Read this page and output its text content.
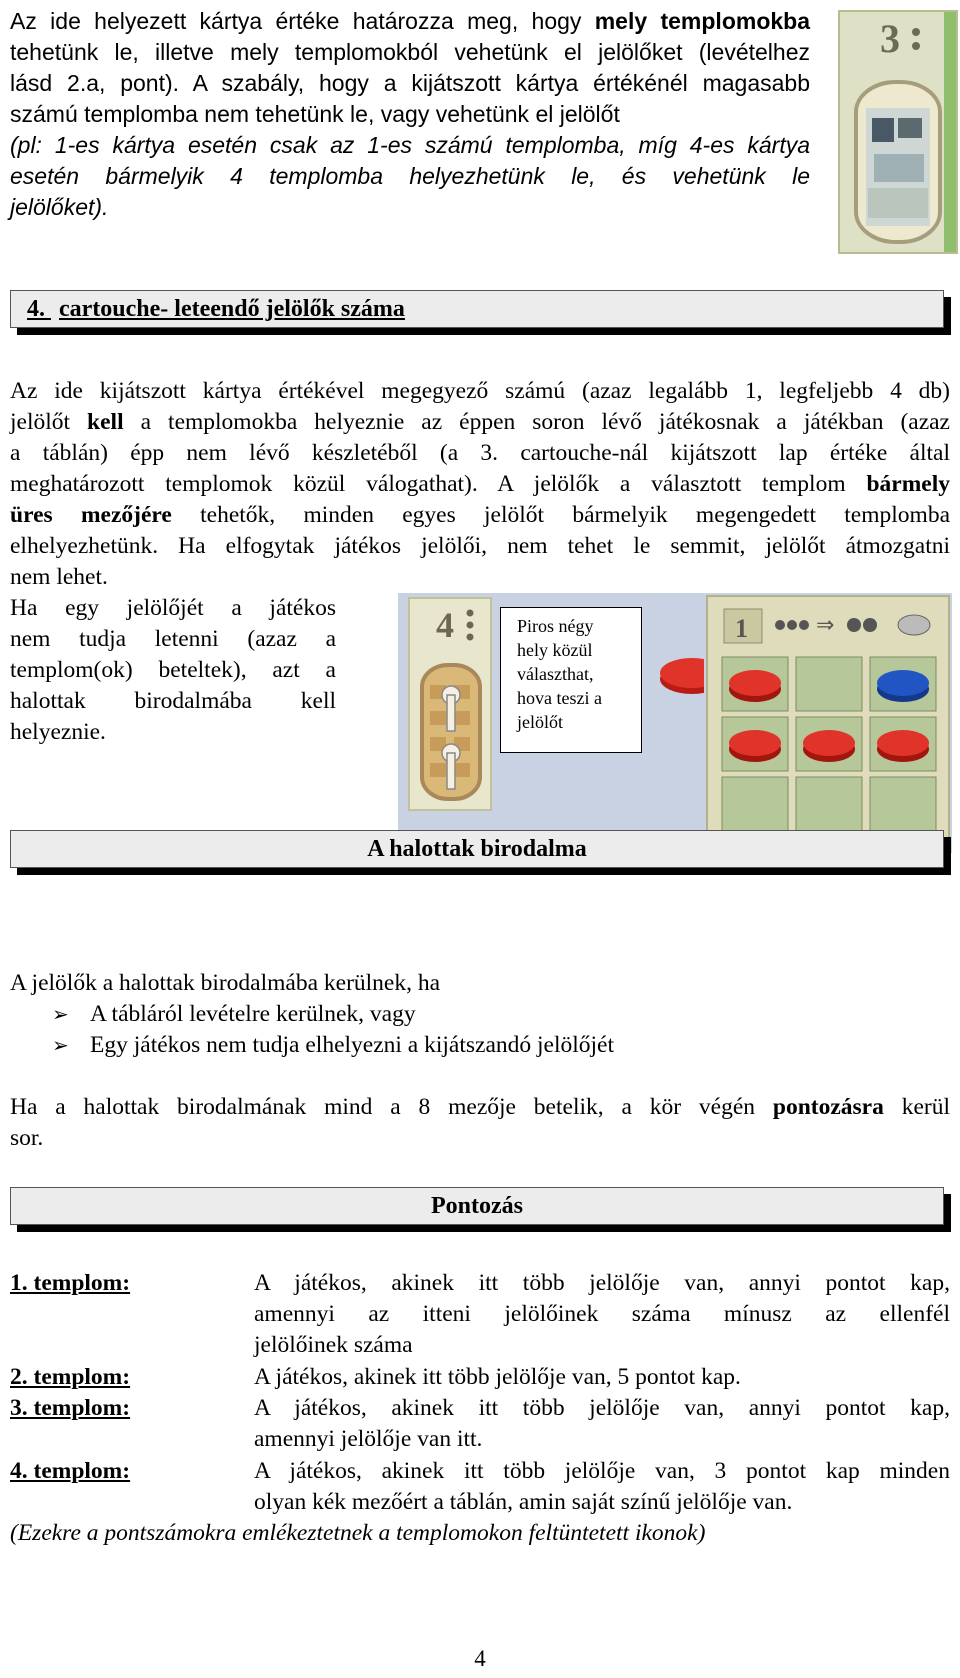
Az ide helyezett kártya értéke határozza meg, hogy mely templomokba
tehetünk le, illetve mely templomokból vehetünk el jelölőket (levételhez
lásd 2.a, pont). A szabály, hogy a kijátszott kártya értékénél magasabb
számú templomba nem tehetünk le, vagy vehetünk el jelölőt
(pl: 1-es kártya esetén csak az 1-es számú templomba, míg 4-es kártya
esetén bármelyik 4 templomba helyezhetünk le, és vehetünk le
jelölőket).
3
4. cartouche- leteendő jelölők száma
Az ide kijátszott kártya értékével megegyező számú (azaz legalább 1, legfeljebb 4 db)
jelölőt kell a templomokba helyeznie az éppen soron lévő játékosnak a játékban (azaz
a táblán) épp nem lévő készletéből (a 3. cartouche-nál kijátszott lap értéke által
meghatározott templomok közül válogathat). A jelölők a választott templom bármely
üres mezőjére tehetők, minden egyes jelölőt bármelyik megengedett templomba
elhelyezhetünk. Ha elfogytak játékos jelölői, nem tehet le semmit, jelölőt átmozgatni
nem lehet.
Ha egy jelölőjét a játékos
nem tudja letenni (azaz a
templom(ok) beteltek), azt a
halottak birodalmába kell
helyeznie.
4	Piros négy
hely közül
választhat,
hova teszi a
jelölőt
1	⇒
A halottak birodalma
A jelölők a halottak birodalmába kerülnek, ha
➢ A tábláról levételre kerülnek, vagy
➢ Egy játékos nem tudja elhelyezni a kijátszandó jelölőjét
Ha a halottak birodalmának mind a 8 mezője betelik, a kör végén pontozásra kerül
sor.
Pontozás
1. templom:	A játékos, akinek itt több jelölője van, annyi pontot kap,
amennyi az itteni jelölőinek száma mínusz az ellenfél
jelölőinek száma
2. templom:	A játékos, akinek itt több jelölője van, 5 pontot kap.
3. templom:	A játékos, akinek itt több jelölője van, annyi pontot kap,
amennyi jelölője van itt.
4. templom:	A játékos, akinek itt több jelölője van, 3 pontot kap minden
olyan kék mezőért a táblán, amin saját színű jelölője van.
(Ezekre a pontszámokra emlékeztetnek a templomokon feltüntetett ikonok)
4
